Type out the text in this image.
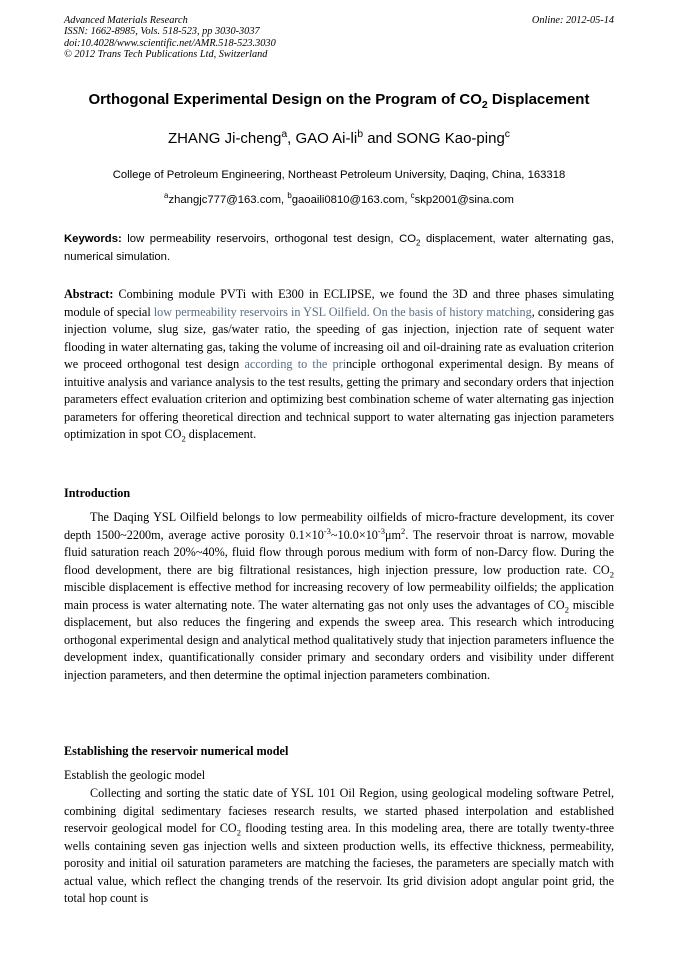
Advanced Materials Research
ISSN: 1662-8985, Vols. 518-523, pp 3030-3037
doi:10.4028/www.scientific.net/AMR.518-523.3030
© 2012 Trans Tech Publications Ltd, Switzerland
Online: 2012-05-14
Orthogonal Experimental Design on the Program of $CO_2$ Displacement
ZHANG Ji-cheng$^a$, GAO $Ai-li^b$ and SONG Kao-ping$^c$
College of Petroleum Engineering, Northeast Petroleum University, Daqing, China, 163318
$^a$zhangjc777@163.com, $^b$gaoaili0810@163.com, $^c$skp2001@sina.com
Keywords: low permeability reservoirs, orthogonal test design, $CO_2$ displacement, water alternating gas, numerical simulation.
Abstract: Combining module PVTi with E300 in ECLIPSE, we found the 3D and three phases simulating module of special low permeability reservoirs in YSL Oilfield. On the basis of history matching, considering gas injection volume, slug size, gas/water ratio, the speeding of gas injection, injection rate of sequent water flooding in water alternating gas, taking the volume of increasing oil and oil-draining rate as evaluation criterion we proceed orthogonal test design according to the principle orthogonal experimental design. By means of intuitive analysis and variance analysis to the test results, getting the primary and secondary orders that injection parameters effect evaluation criterion and optimizing best combination scheme of water alternating gas injection parameters for offering theoretical direction and technical support to water alternating gas injection parameters optimization in spot $CO_2$ displacement.
Introduction
The Daqing YSL Oilfield belongs to low permeability oilfields of micro-fracture development, its cover depth 1500~2200m, average active porosity $0.1\times 10^{-3}\sim 10.0\times 10^{-3}\mu m^2$. The reservoir throat is narrow, movable fluid saturation reach 20%~40%, fluid flow through porous medium with form of non-Darcy flow. During the flood development, there are big filtrational resistances, high injection pressure, low production rate. $CO_2$ miscible displacement is effective method for increasing recovery of low permeability oilfields; the application main process is water alternating note. The water alternating gas not only uses the advantages of $CO_2$ miscible displacement, but also reduces the fingering and expends the sweep area. This research which introducing orthogonal experimental design and analytical method qualitatively study that injection parameters influence the development index, quantificationally consider primary and secondary orders and visibility under different injection parameters, and then determine the optimal injection parameters combination.
Establishing the reservoir numerical model
Establish the geologic model
Collecting and sorting the static date of YSL 101 Oil Region, using geological modeling software Petrel, combining digital sedimentary facieses research results, we started phased interpolation and established reservoir geological model for $CO_2$ flooding testing area. In this modeling area, there are totally twenty-three wells containing seven gas injection wells and sixteen production wells, its effective thickness, permeability, porosity and initial oil saturation parameters are matching the facieses, the parameters are specially match with actual value, which reflect the changing trends of the reservoir. Its grid division adopt angular point grid, the total hop count is
